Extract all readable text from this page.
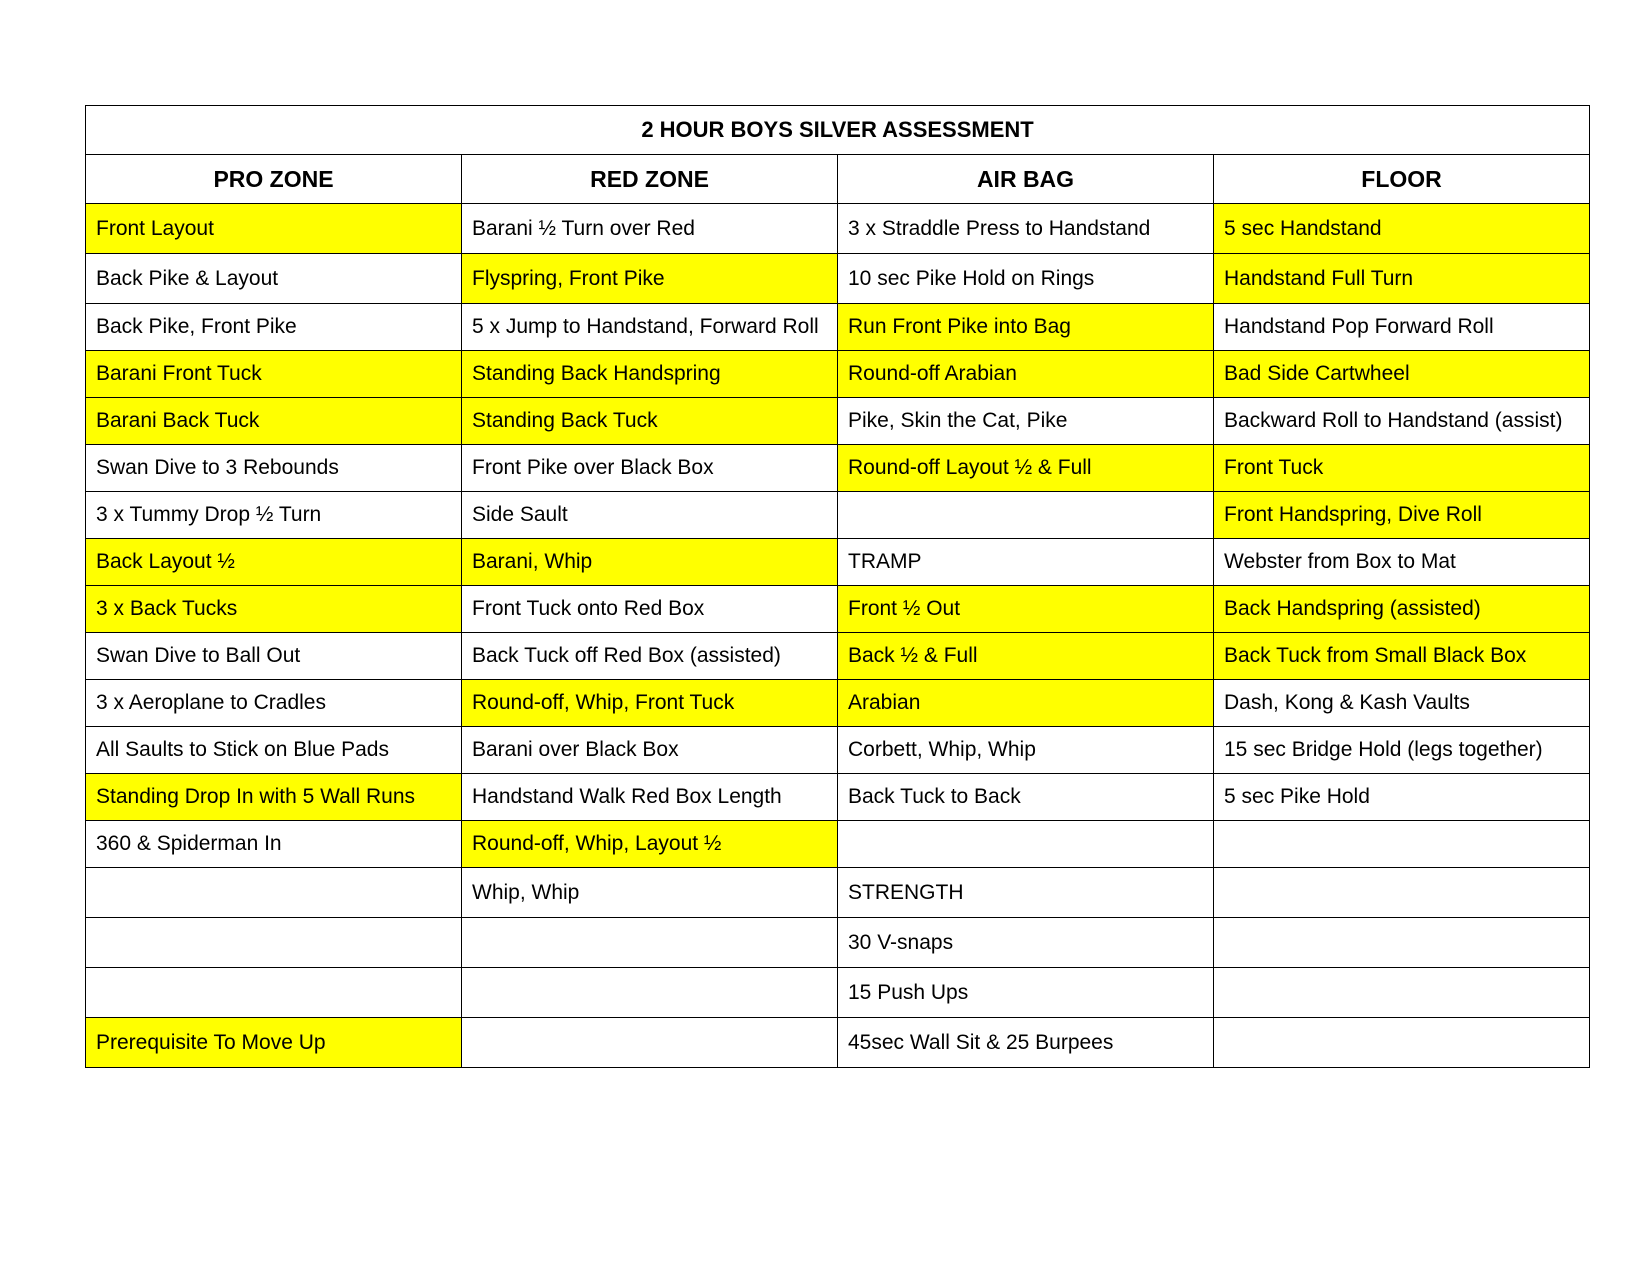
2 HOUR BOYS SILVER ASSESSMENT			
PRO ZONE	RED ZONE	AIR BAG	FLOOR
Front Layout	Barani ½ Turn over Red	3 x Straddle Press to Handstand	5 sec Handstand
Back Pike & Layout	Flyspring, Front Pike	10 sec Pike Hold on Rings	Handstand Full Turn
Back Pike, Front Pike	5 x Jump to Handstand, Forward Roll	Run Front Pike into Bag	Handstand Pop Forward Roll
Barani Front Tuck	Standing Back Handspring	Round-off Arabian	Bad Side Cartwheel
Barani Back Tuck	Standing Back Tuck	Pike, Skin the Cat, Pike	Backward Roll to Handstand (assist)
Swan Dive to 3 Rebounds	Front Pike over Black Box	Round-off Layout ½ & Full	Front Tuck
3 x Tummy Drop ½ Turn	Side Sault		Front Handspring, Dive Roll
Back Layout ½	Barani, Whip	TRAMP	Webster from Box to Mat
3 x Back Tucks	Front Tuck onto Red Box	Front ½ Out	Back Handspring (assisted)
Swan Dive to Ball Out	Back Tuck off Red Box (assisted)	Back ½ & Full	Back Tuck from Small Black Box
3 x Aeroplane to Cradles	Round-off, Whip, Front Tuck	Arabian	Dash, Kong & Kash Vaults
All Saults to Stick on Blue Pads	Barani over Black Box	Corbett, Whip, Whip	15 sec Bridge Hold (legs together)
Standing Drop In with 5 Wall Runs	Handstand Walk Red Box Length	Back Tuck to Back	5 sec Pike Hold
360 & Spiderman In	Round-off, Whip, Layout ½		
	Whip, Whip	STRENGTH	
		30 V-snaps	
		15 Push Ups	
Prerequisite To Move Up		45sec Wall Sit & 25 Burpees	
